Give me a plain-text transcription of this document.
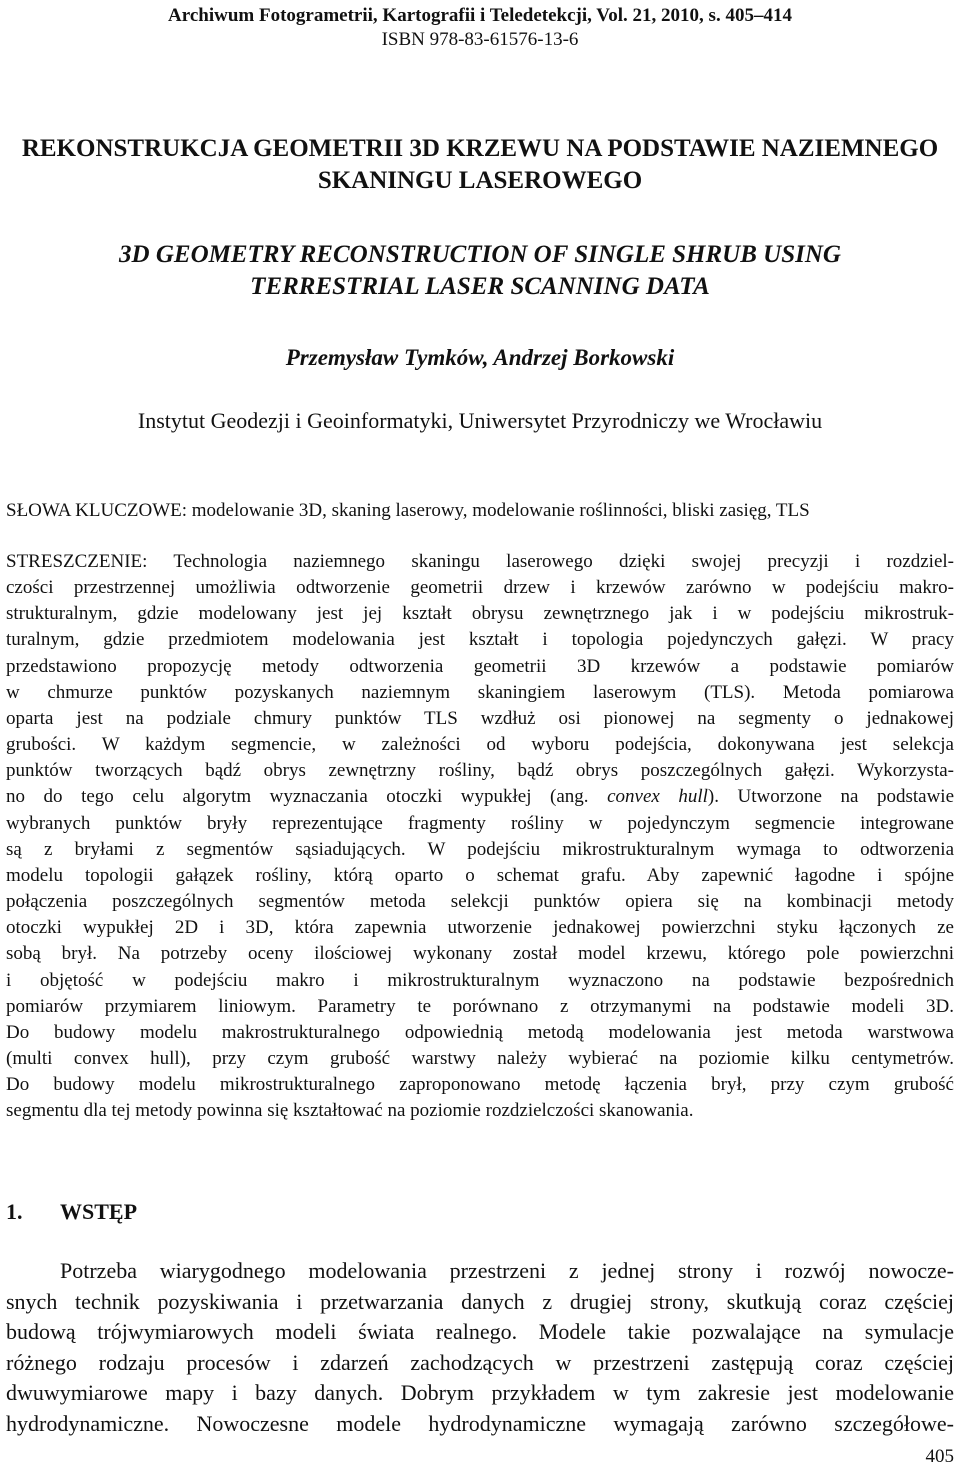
Archiwum Fotogrametrii, Kartografii i Teledetekcji, Vol. 21, 2010, s. 405–414
ISBN 978-83-61576-13-6
REKONSTRUKCJA GEOMETRII 3D KRZEWU NA PODSTAWIE NAZIEMNEGO
SKANINGU LASEROWEGO
3D GEOMETRY RECONSTRUCTION OF SINGLE SHRUB USING
TERRESTRIAL LASER SCANNING DATA
Przemysław Tymków, Andrzej Borkowski
Instytut Geodezji i Geoinformatyki, Uniwersytet Przyrodniczy we Wrocławiu
SŁOWA KLUCZOWE: modelowanie 3D, skaning laserowy, modelowanie roślinności, bliski zasięg, TLS
STRESZCZENIE: Technologia naziemnego skaningu laserowego dzięki swojej precyzji i rozdziel-
czości przestrzennej umożliwia odtworzenie geometrii drzew i krzewów zarówno w podejściu makro-
strukturalnym, gdzie modelowany jest jej kształt obrysu zewnętrznego jak i w podejściu mikrostruk-
turalnym, gdzie przedmiotem modelowania jest kształt i topologia pojedynczych gałęzi. W pracy
przedstawiono propozycję metody odtworzenia geometrii 3D krzewów a podstawie pomiarów
w chmurze punktów pozyskanych naziemnym skaningiem laserowym (TLS). Metoda pomiarowa
oparta jest na podziale chmury punktów TLS wzdłuż osi pionowej na segmenty o jednakowej
grubości. W każdym segmencie, w zależności od wyboru podejścia, dokonywana jest selekcja
punktów tworzących bądź obrys zewnętrzny rośliny, bądź obrys poszczególnych gałęzi. Wykorzysta-
no do tego celu algorytm wyznaczania otoczki wypukłej (ang. convex hull). Utworzone na podstawie
wybranych punktów bryły reprezentujące fragmenty rośliny w pojedynczym segmencie integrowane
są z bryłami z segmentów sąsiadujących. W podejściu mikrostrukturalnym wymaga to odtworzenia
modelu topologii gałązek rośliny, którą oparto o schemat grafu. Aby zapewnić łagodne i spójne
połączenia poszczególnych segmentów metoda selekcji punktów opiera się na kombinacji metody
otoczki wypukłej 2D i 3D, która zapewnia utworzenie jednakowej powierzchni styku łączonych ze
sobą brył. Na potrzeby oceny ilościowej wykonany został model krzewu, którego pole powierzchni
i objętość w podejściu makro i mikrostrukturalnym wyznaczono na podstawie bezpośrednich
pomiarów przymiarem liniowym. Parametry te porównano z otrzymanymi na podstawie modeli 3D.
Do budowy modelu makrostrukturalnego odpowiednią metodą modelowania jest metoda warstwowa
(multi convex hull), przy czym grubość warstwy należy wybierać na poziomie kilku centymetrów.
Do budowy modelu mikrostrukturalnego zaproponowano metodę łączenia brył, przy czym grubość
segmentu dla tej metody powinna się kształtować na poziomie rozdzielczości skanowania.
1. WSTĘP
Potrzeba wiarygodnego modelowania przestrzeni z jednej strony i rozwój nowocze-
snych technik pozyskiwania i przetwarzania danych z drugiej strony, skutkują coraz częściej
budową trójwymiarowych modeli świata realnego. Modele takie pozwalające na symulacje
różnego rodzaju procesów i zdarzeń zachodzących w przestrzeni zastępują coraz częściej
dwuwymiarowe mapy i bazy danych. Dobrym przykładem w tym zakresie jest modelowanie
hydrodynamiczne. Nowoczesne modele hydrodynamiczne wymagają zarówno szczegółowe-
405
